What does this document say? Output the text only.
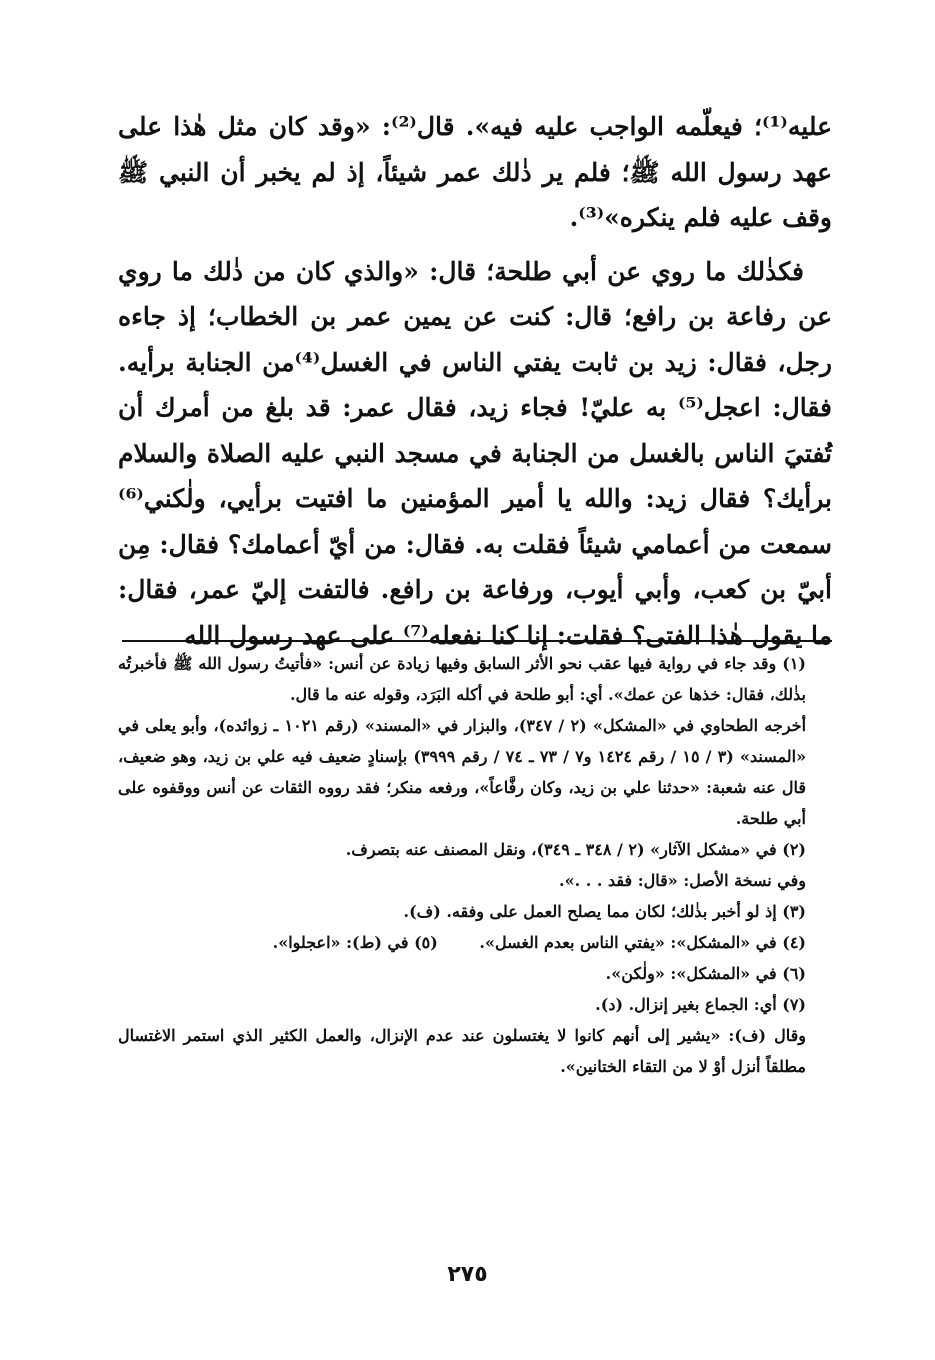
عليه⁽¹⁾؛ فيعلّمه الواجب عليه فيه». قال⁽²⁾: «وقد كان مثل هٰذا على عهد رسول الله ﷺ؛ فلم ير ذٰلك عمر شيئاً، إذ لم يخبر أن النبي ﷺ وقف عليه فلم ينكره»⁽³⁾.

فكذٰلك ما روي عن أبي طلحة؛ قال: «والذي كان من ذٰلك ما روي عن رفاعة بن رافع؛ قال: كنت عن يمين عمر بن الخطاب؛ إذ جاءه رجل، فقال: زيد بن ثابت يفتي الناس في الغسل⁽⁴⁾من الجنابة برأيه. فقال: اعجل⁽⁵⁾ به عليّ! فجاء زيد، فقال عمر: قد بلغ من أمرك أن تُفتيَ الناس بالغسل من الجنابة في مسجد النبي عليه الصلاة والسلام برأيك؟ فقال زيد: والله يا أمير المؤمنين ما افتيت برأيي، ولٰكني⁽⁶⁾ سمعت من أعمامي شيئاً فقلت به. فقال: من أيّ أعمامك؟ فقال: مِن أبيّ بن كعب، وأبي أيوب، ورفاعة بن رافع. فالتفت إليّ عمر، فقال: ما يقول هٰذا الفتى؟ فقلت: إنا كنا نفعله⁽⁷⁾ على عهد رسول الله

(١) وقد جاء في رواية فيها عقب نحو الأثر السابق وفيها زيادة عن أنس: «فأتيتُ رسول الله ﷺ فأخبرتُه بذٰلك، فقال: خذها عن عمك». أي: أبو طلحة في أكله البَرَد، وقوله عنه ما قال.

أخرجه الطحاوي في «المشكل» (٢ / ٣٤٧)، والبزار في «المسند» (رقم ١٠٢١ ـ زوائده)، وأبو يعلى في «المسند» (٣ / ١٥ / رقم ١٤٢٤ و٧ / ٧٣ ـ ٧٤ / رقم ٣٩٩٩) بإسنادٍ ضعيف فيه علي بن زيد، وهو ضعيف، قال عنه شعبة: «حدثنا علي بن زيد، وكان رفَّاعاً»، ورفعه منكر؛ فقد رووه الثقات عن أنس ووقفوه على أبي طلحة.

(٢) في «مشكل الآثار» (٢ / ٣٤٨ ـ ٣٤٩)، ونقل المصنف عنه بتصرف.

وفي نسخة الأصل: «قال: فقد . . .».

(٣) إذ لو أخبر بذٰلك؛ لكان مما يصلح العمل على وفقه. (ف).

(٤) في «المشكل»: «يفتي الناس بعدم الغسل». (٥) في (ط): «اعجلوا».

(٦) في «المشكل»: «ولٰكن».

(٧) أي: الجماع بغير إنزال. (د).

وقال (ف): «يشير إلى أنهم كانوا لا يغتسلون عند عدم الإنزال، والعمل الكثير الذي استمر الاغتسال مطلقاً أنزل أوْ لا من التقاء الختانين».

٢٧٥
